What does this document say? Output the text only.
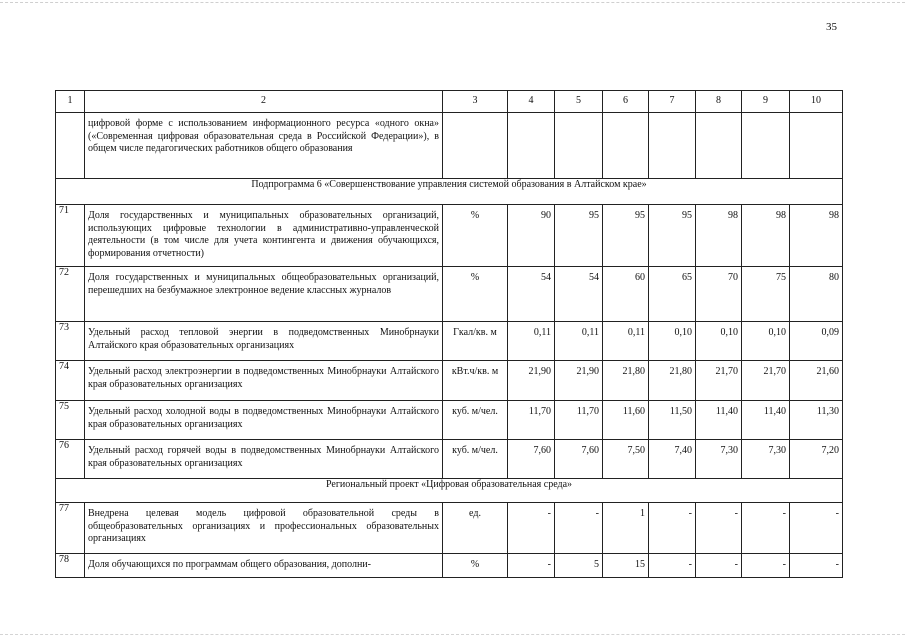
35
1	2	3	4	5	6	7	8	9	10
	цифровой форме с использованием информационного ресурса «одного окна» («Современная цифровая образовательная среда в Российской Федерации»), в общем числе педагогических работников общего образования								
Подпрограмма 6 «Совершенствование управления системой образования в Алтайском крае»									
71	Доля государственных и муниципальных образовательных организаций, использующих цифровые технологии в административно-управленческой деятельности (в том числе для учета контингента и движения обучающихся, формирования отчетности)	%	90	95	95	95	98	98	98
72	Доля государственных и муниципальных общеобразовательных организаций, перешедших на безбумажное электронное ведение классных журналов	%	54	54	60	65	70	75	80
73	Удельный расход тепловой энергии в подведомственных Минобрнауки Алтайского края образовательных организациях	Гкал/кв. м	0,11	0,11	0,11	0,10	0,10	0,10	0,09
74	Удельный расход электроэнергии в подведомственных Минобрнауки Алтайского края образовательных организациях	кВт.ч/кв. м	21,90	21,90	21,80	21,80	21,70	21,70	21,60
75	Удельный расход холодной воды в подведомственных Минобрнауки Алтайского края образовательных организациях	куб. м/чел.	11,70	11,70	11,60	11,50	11,40	11,40	11,30
76	Удельный расход горячей воды в подведомственных Минобрнауки Алтайского края образовательных организациях	куб. м/чел.	7,60	7,60	7,50	7,40	7,30	7,30	7,20
Региональный проект «Цифровая образовательная среда»									
77	Внедрена целевая модель цифровой образовательной среды в общеобразовательных организациях и профессиональных образовательных организациях	ед.	-	-	1	-	-	-	-
78	Доля обучающихся по программам общего образования, дополни-	%	-	5	15	-	-	-	-
